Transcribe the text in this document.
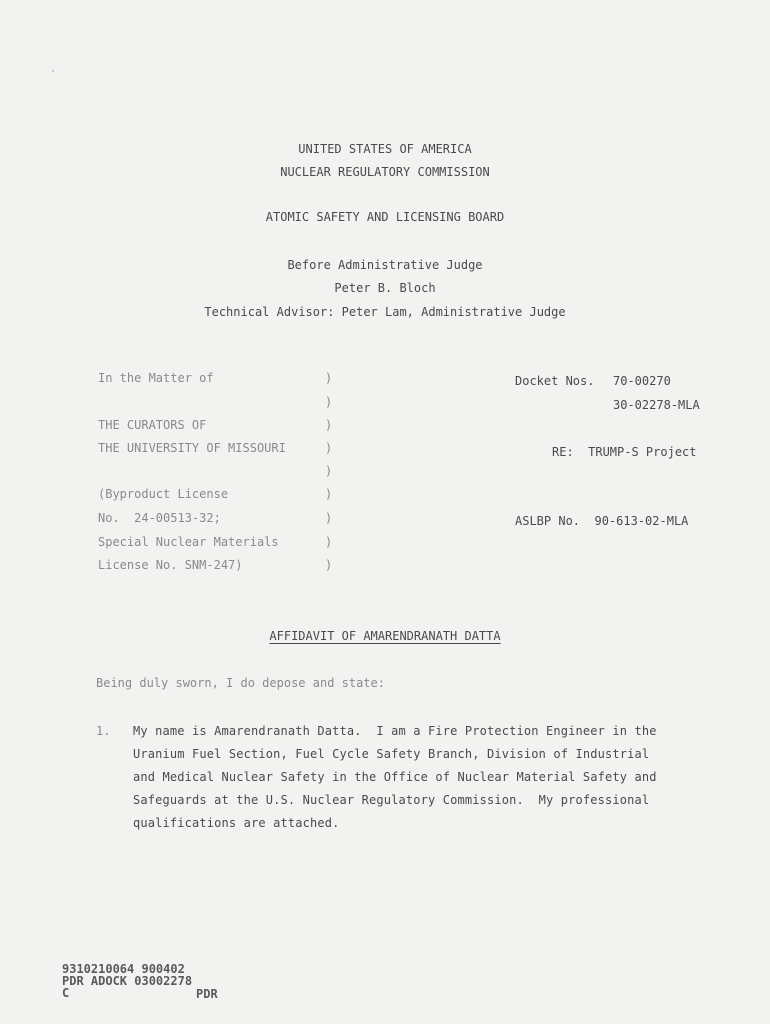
UNITED STATES OF AMERICA
NUCLEAR REGULATORY COMMISSION
ATOMIC SAFETY AND LICENSING BOARD
Before Administrative Judge
Peter B. Bloch
Technical Advisor: Peter Lam, Administrative Judge
In the Matter of
THE CURATORS OF
THE UNIVERSITY OF MISSOURI
(Byproduct License
No.  24-00513-32;
Special Nuclear Materials
License No. SNM-247)
)
)
)
)
)
)
)
)
)
Docket Nos. 70-00270
30-02278-MLA
RE:  TRUMP-S Project
ASLBP No.  90-613-02-MLA
AFFIDAVIT OF AMARENDRANATH DATTA
Being duly sworn, I do depose and state:
1. My name is Amarendranath Datta.  I am a Fire Protection Engineer in the
Uranium Fuel Section, Fuel Cycle Safety Branch, Division of Industrial
and Medical Nuclear Safety in the Office of Nuclear Material Safety and
Safeguards at the U.S. Nuclear Regulatory Commission.  My professional
qualifications are attached.
9310210064 900402
PDR ADOCK 03002278
C	PDR
